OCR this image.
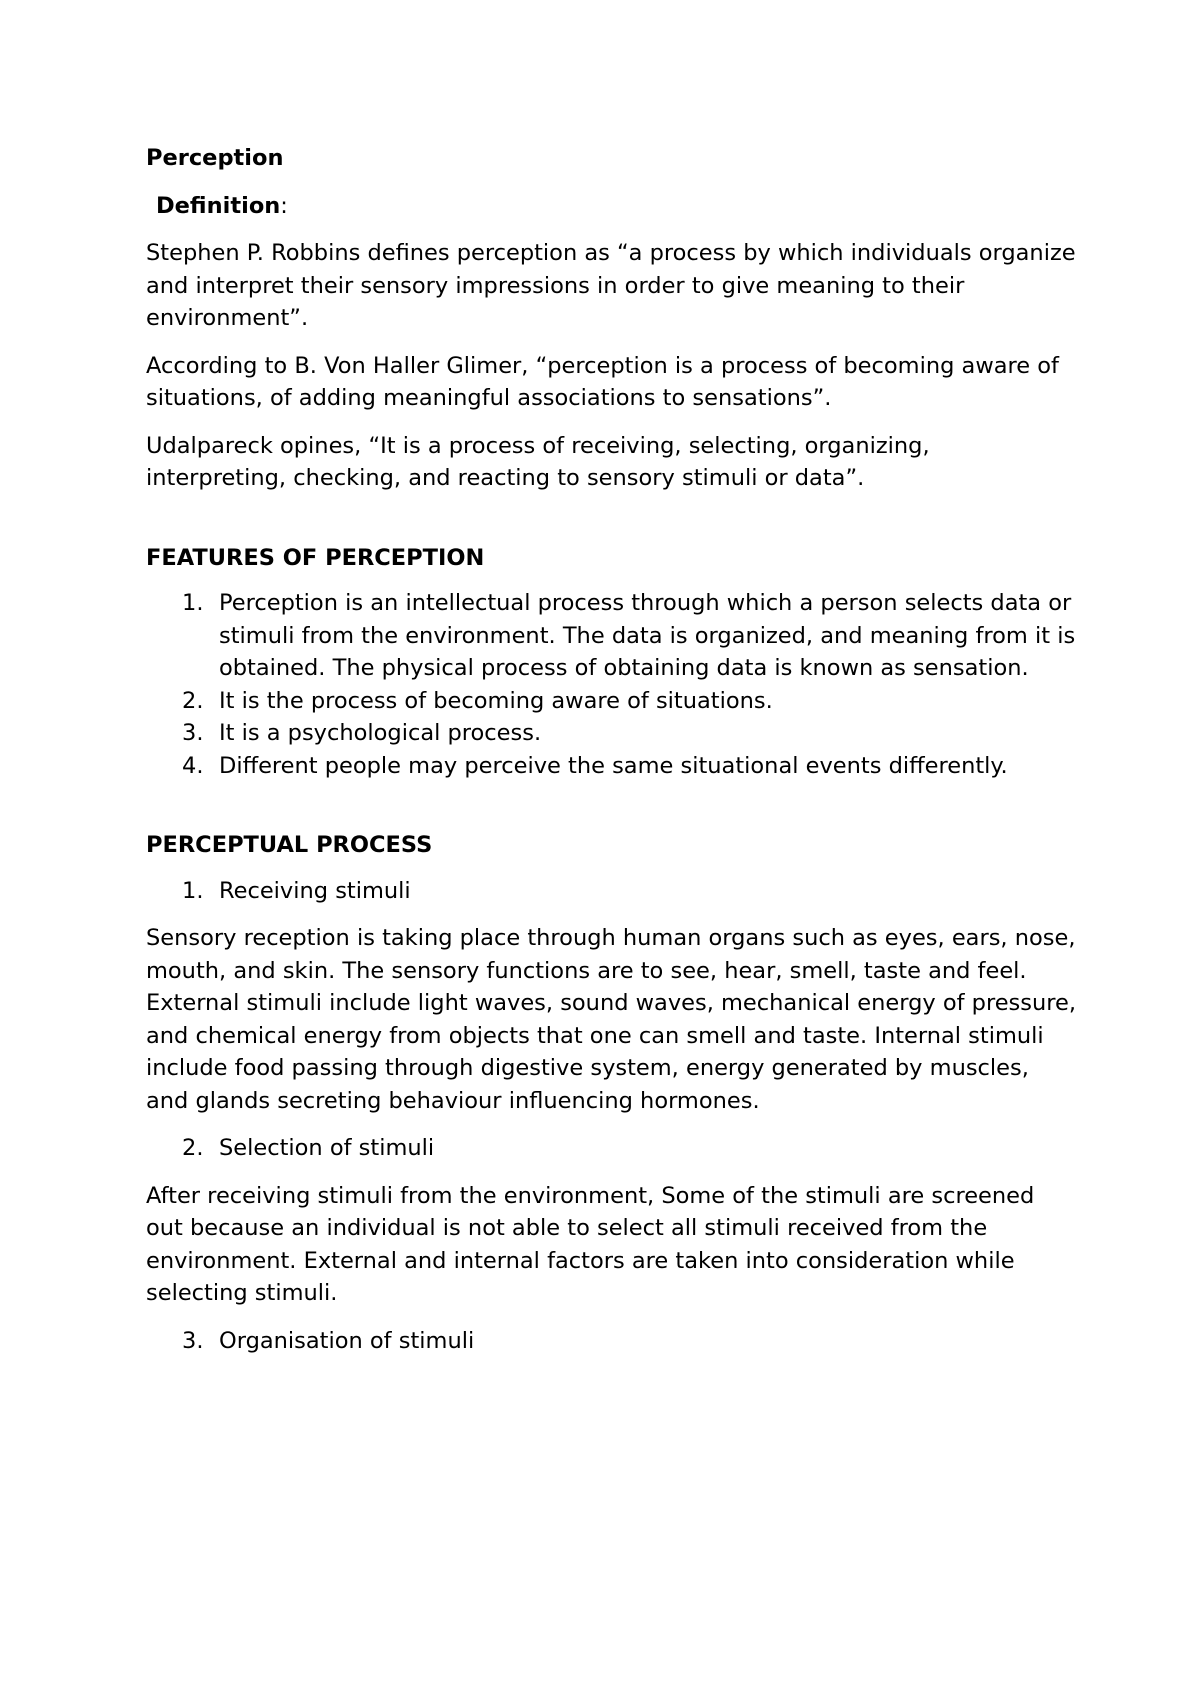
Perception

Definition:

Stephen P. Robbins defines perception as “a process by which individuals organize and interpret their sensory impressions in order to give meaning to their environment”.

According to B. Von Haller Glimer, “perception is a process of becoming aware of situations, of adding meaningful associations to sensations”.

Udalpareck opines, “It is a process of receiving, selecting, organizing, interpreting, checking, and reacting to sensory stimuli or data”.

FEATURES OF PERCEPTION

1. Perception is an intellectual process through which a person selects data or stimuli from the environment. The data is organized, and meaning from it is obtained. The physical process of obtaining data is known as sensation.
2. It is the process of becoming aware of situations.
3. It is a psychological process.
4. Different people may perceive the same situational events differently.

PERCEPTUAL PROCESS

1. Receiving stimuli

Sensory reception is taking place through human organs such as eyes, ears, nose, mouth, and skin. The sensory functions are to see, hear, smell, taste and feel. External stimuli include light waves, sound waves, mechanical energy of pressure, and chemical energy from objects that one can smell and taste. Internal stimuli include food passing through digestive system, energy generated by muscles, and glands secreting behaviour influencing hormones.

2. Selection of stimuli

After receiving stimuli from the environment, Some of the stimuli are screened out because an individual is not able to select all stimuli received from the environment. External and internal factors are taken into consideration while selecting stimuli.

3. Organisation of stimuli
